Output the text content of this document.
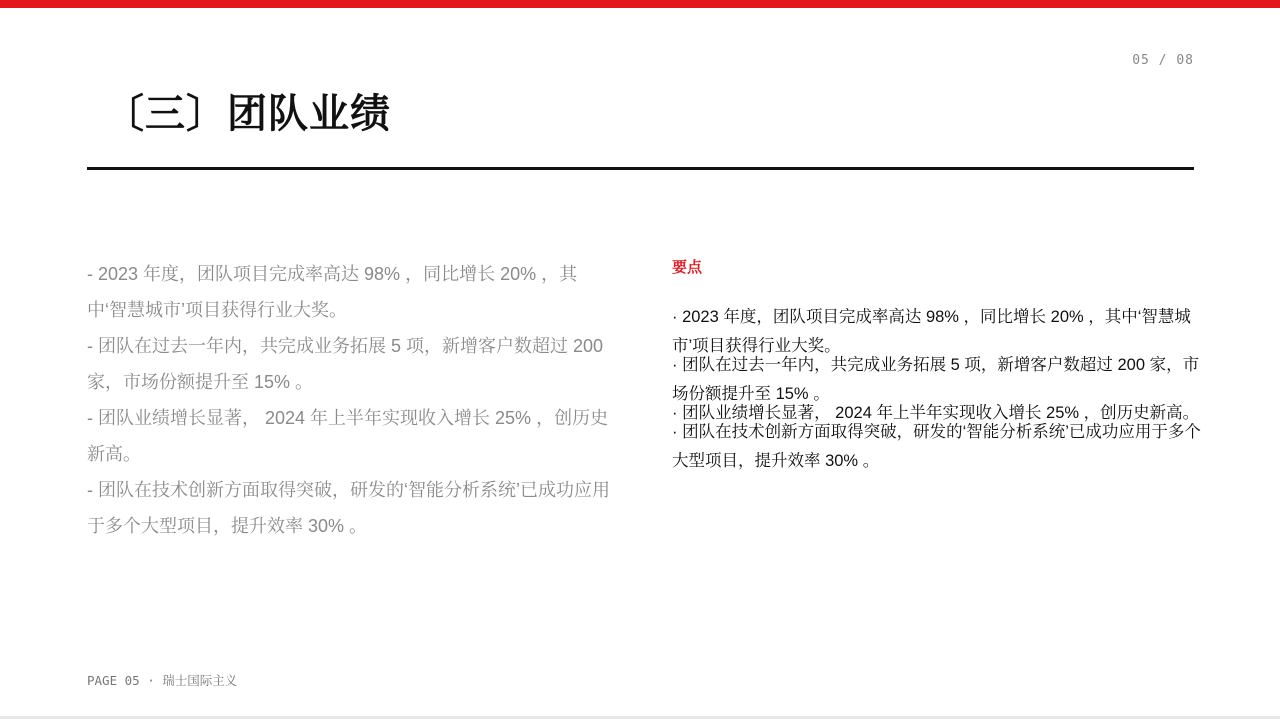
05 / 08
〔三〕团队业绩

- 2023 年度，团队项目完成率高达 98% ，同比增长 20% ，其中‘智慧城市’项目获得行业大奖。

- 团队在过去一年内，共完成业务拓展 5 项，新增客户数超过 200 家，市场份额提升至 15% 。

- 团队业绩增长显著， 2024 年上半年实现收入增长 25% ，创历史新高。

- 团队在技术创新方面取得突破，研发的‘智能分析系统’已成功应用于多个大型项目，提升效率 30% 。

要点

· 2023 年度，团队项目完成率高达 98% ，同比增长 20% ，其中‘智慧城市’项目获得行业大奖。

· 团队在过去一年内，共完成业务拓展 5 项，新增客户数超过 200 家，市场份额提升至 15% 。

· 团队业绩增长显著， 2024 年上半年实现收入增长 25% ，创历史新高。

· 团队在技术创新方面取得突破，研发的‘智能分析系统’已成功应用于多个大型项目，提升效率 30% 。

PAGE 05 · 瑞士国际主义
